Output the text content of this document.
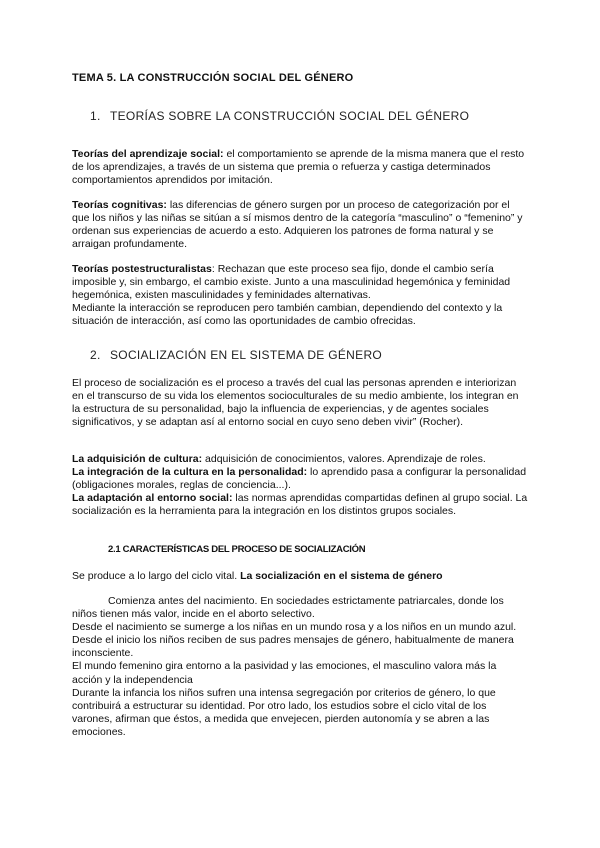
TEMA 5. LA CONSTRUCCIÓN SOCIAL DEL GÉNERO
1. TEORÍAS SOBRE LA CONSTRUCCIÓN SOCIAL DEL GÉNERO

Teorías del aprendizaje social: el comportamiento se aprende de la misma manera que el resto de los aprendizajes, a través de un sistema que premia o refuerza y castiga determinados comportamientos aprendidos por imitación.

Teorías cognitivas: las diferencias de género surgen por un proceso de categorización por el que los niños y las niñas se sitúan a sí mismos dentro de la categoría “masculino” o “femenino” y ordenan sus experiencias de acuerdo a esto. Adquieren los patrones de forma natural y se arraigan profundamente.

Teorías postestructuralistas: Rechazan que este proceso sea fijo, donde el cambio sería imposible y, sin embargo, el cambio existe. Junto a una masculinidad hegemónica y feminidad hegemónica, existen masculinidades y feminidades alternativas.
Mediante la interacción se reproducen pero también cambian, dependiendo del contexto y la situación de interacción, así como las oportunidades de cambio ofrecidas.

2. SOCIALIZACIÓN EN EL SISTEMA DE GÉNERO

El proceso de socialización es el proceso a través del cual las personas aprenden e interiorizan en el transcurso de su vida los elementos socioculturales de su medio ambiente, los integran en la estructura de su personalidad, bajo la influencia de experiencias, y de agentes sociales significativos, y se adaptan así al entorno social en cuyo seno deben vivir” (Rocher).

La adquisición de cultura: adquisición de conocimientos, valores. Aprendizaje de roles.
La integración de la cultura en la personalidad: lo aprendido pasa a configurar la personalidad (obligaciones morales, reglas de conciencia...).
La adaptación al entorno social: las normas aprendidas compartidas definen al grupo social. La socialización es la herramienta para la integración en los distintos grupos sociales.

2.1 CARACTERÍSTICAS DEL PROCESO DE SOCIALIZACIÓN

Se produce a lo largo del ciclo vital. La socialización en el sistema de género

Comienza antes del nacimiento. En sociedades estrictamente patriarcales, donde los niños tienen más valor, incide en el aborto selectivo.
Desde el nacimiento se sumerge a los niñas en un mundo rosa y a los niños en un mundo azul. Desde el inicio los niños reciben de sus padres mensajes de género, habitualmente de manera inconsciente.
El mundo femenino gira entorno a la pasividad y las emociones, el masculino valora más la acción y la independencia
Durante la infancia los niños sufren una intensa segregación por criterios de género, lo que contribuirá a estructurar su identidad. Por otro lado, los estudios sobre el ciclo vital de los varones, afirman que éstos, a medida que envejecen, pierden autonomía y se abren a las emociones.
